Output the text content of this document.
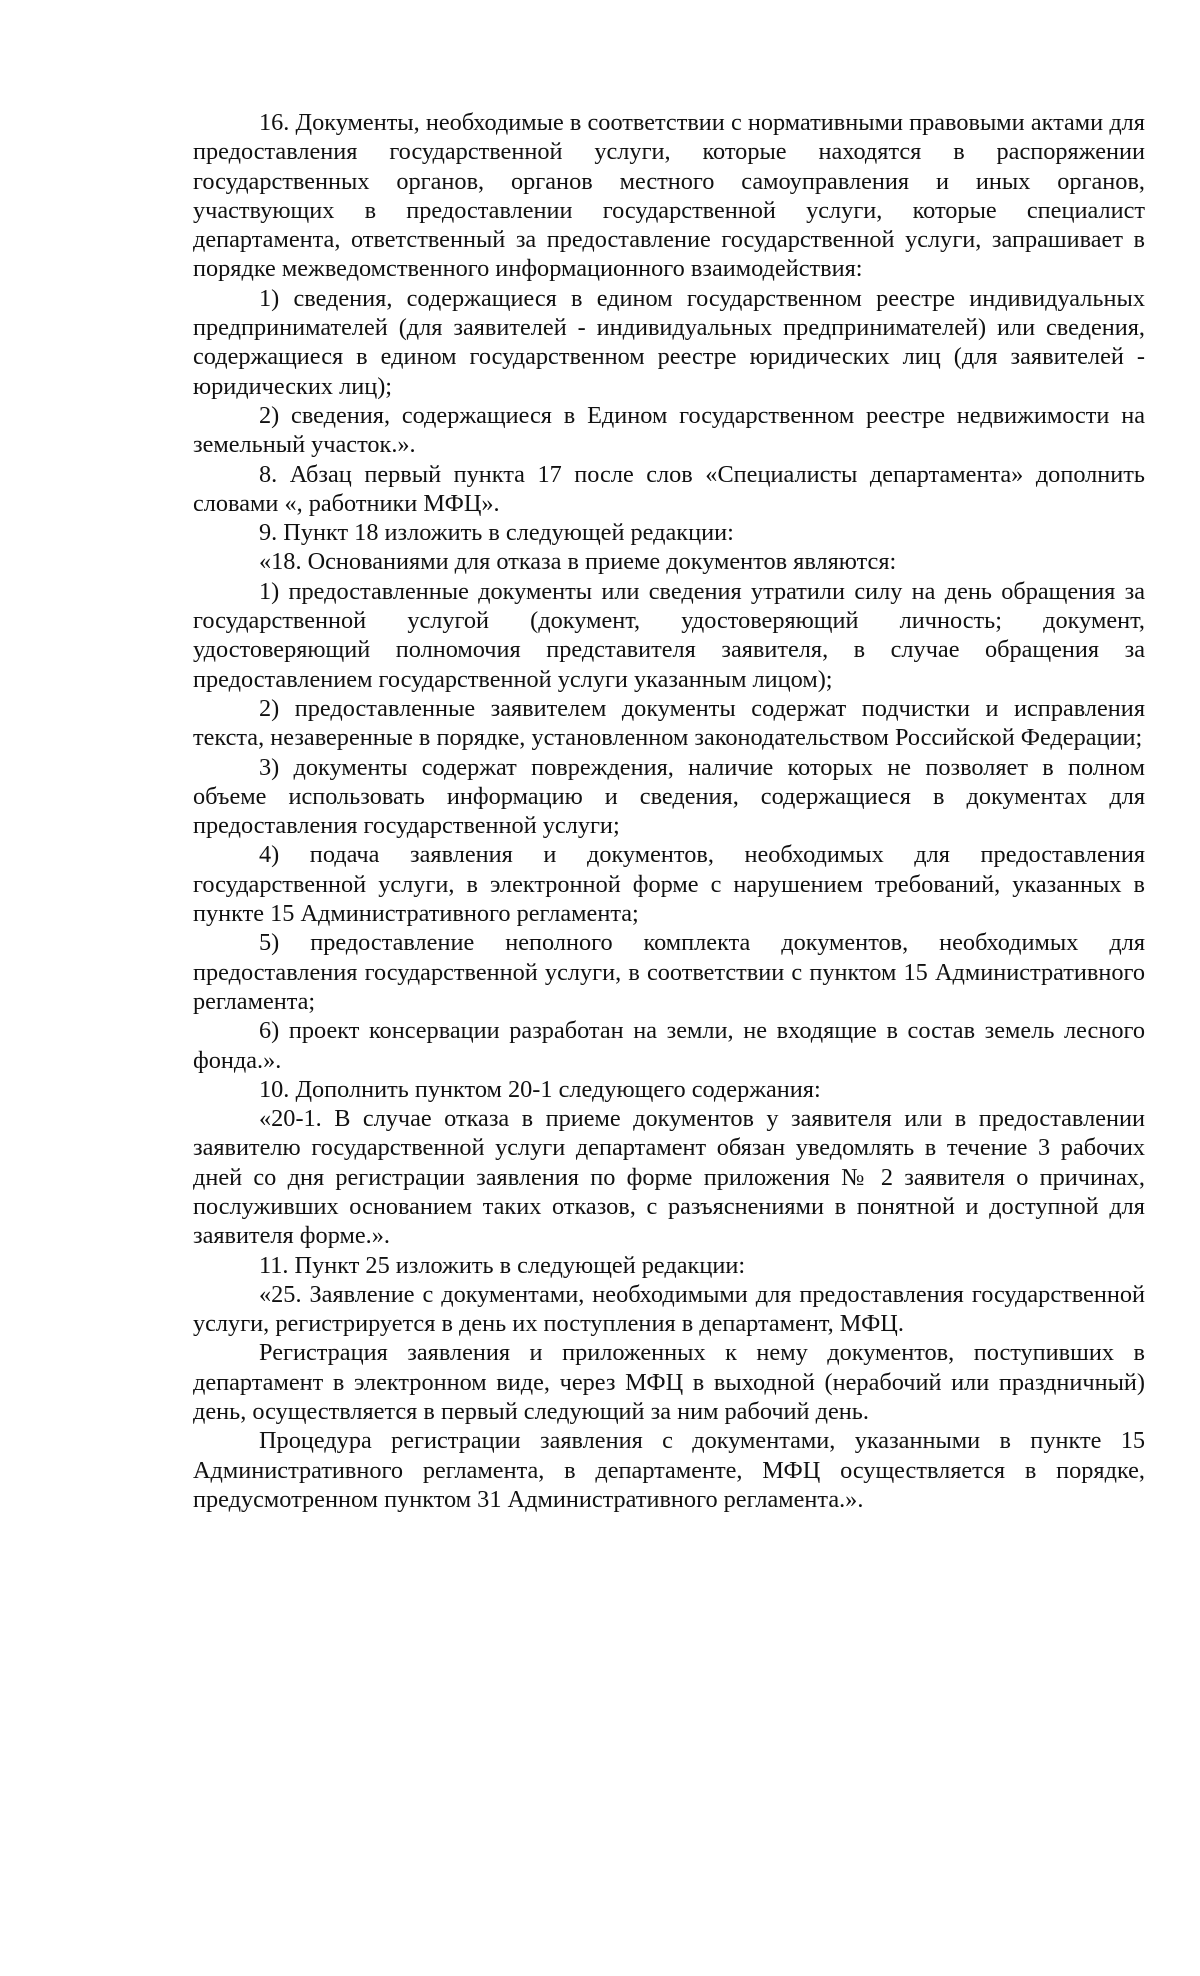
16. Документы, необходимые в соответствии с нормативными правовыми актами для предоставления государственной услуги, которые находятся в распоряжении государственных органов, органов местного самоуправления и иных органов, участвующих в предоставлении государственной услуги, которые специалист департамента, ответственный за предоставление государственной услуги, запрашивает в порядке межведомственного информационного взаимодействия:

1) сведения, содержащиеся в едином государственном реестре индивидуальных предпринимателей (для заявителей - индивидуальных предпринимателей) или сведения, содержащиеся в едином государственном реестре юридических лиц (для заявителей - юридических лиц);

2) сведения, содержащиеся в Едином государственном реестре недвижимости на земельный участок.».

8. Абзац первый пункта 17 после слов «Специалисты департамента» дополнить словами «, работники МФЦ».

9. Пункт 18 изложить в следующей редакции:

«18. Основаниями для отказа в приеме документов являются:

1) предоставленные документы или сведения утратили силу на день обращения за государственной услугой (документ, удостоверяющий личность; документ, удостоверяющий полномочия представителя заявителя, в случае обращения за предоставлением государственной услуги указанным лицом);

2) предоставленные заявителем документы содержат подчистки и исправления текста, незаверенные в порядке, установленном законодательством Российской Федерации;

3) документы содержат повреждения, наличие которых не позволяет в полном объеме использовать информацию и сведения, содержащиеся в документах для предоставления государственной услуги;

4) подача заявления и документов, необходимых для предоставления государственной услуги, в электронной форме с нарушением требований, указанных в пункте 15 Административного регламента;

5) предоставление неполного комплекта документов, необходимых для предоставления государственной услуги, в соответствии с пунктом 15 Административного регламента;

6) проект консервации разработан на земли, не входящие в состав земель лесного фонда.».

10. Дополнить пунктом 20-1 следующего содержания:

«20-1. В случае отказа в приеме документов у заявителя или в предоставлении заявителю государственной услуги департамент обязан уведомлять в течение 3 рабочих дней со дня регистрации заявления по форме приложения № 2 заявителя о причинах, послуживших основанием таких отказов, с разъяснениями в понятной и доступной для заявителя форме.».

11. Пункт 25 изложить в следующей редакции:

«25. Заявление с документами, необходимыми для предоставления государственной услуги, регистрируется в день их поступления в департамент, МФЦ.

Регистрация заявления и приложенных к нему документов, поступивших в департамент в электронном виде, через МФЦ в выходной (нерабочий или праздничный) день, осуществляется в первый следующий за ним рабочий день.

Процедура регистрации заявления с документами, указанными в пункте 15 Административного регламента, в департаменте, МФЦ осуществляется в порядке, предусмотренном пунктом 31 Административного регламента.».
